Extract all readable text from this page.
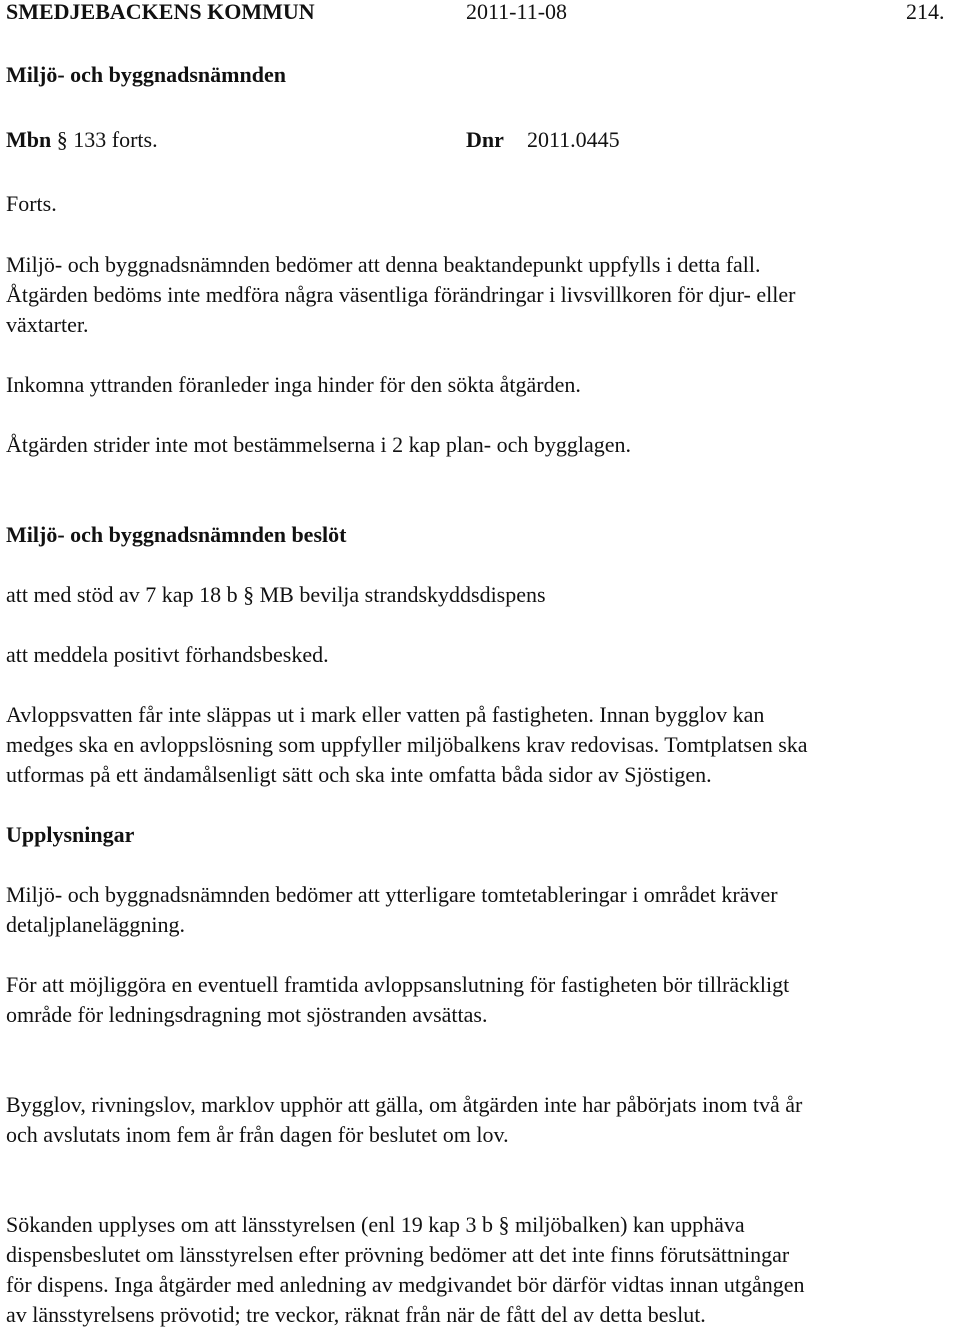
SMEDJEBACKENS KOMMUN	2011-11-08	214.
Miljö- och byggnadsnämnden
Mbn § 133 forts.	Dnr 2011.0445
Forts.
Miljö- och byggnadsnämnden bedömer att denna beaktandepunkt uppfylls i detta fall.
Åtgärden bedöms inte medföra några väsentliga förändringar i livsvillkoren för djur- eller
växtarter.
Inkomna yttranden föranleder inga hinder för den sökta åtgärden.
Åtgärden strider inte mot bestämmelserna i 2 kap plan- och bygglagen.
Miljö- och byggnadsnämnden beslöt
att med stöd av 7 kap 18 b § MB bevilja strandskyddsdispens
att meddela positivt förhandsbesked.
Avloppsvatten får inte släppas ut i mark eller vatten på fastigheten. Innan bygglov kan
medges ska en avloppslösning som uppfyller miljöbalkens krav redovisas. Tomtplatsen ska
utformas på ett ändamålsenligt sätt och ska inte omfatta båda sidor av Sjöstigen.
Upplysningar
Miljö- och byggnadsnämnden bedömer att ytterligare tomtetableringar i området kräver
detaljplaneläggning.
För att möjliggöra en eventuell framtida avloppsanslutning för fastigheten bör tillräckligt
område för ledningsdragning mot sjöstranden avsättas.
Bygglov, rivningslov, marklov upphör att gälla, om åtgärden inte har påbörjats inom två år
och avslutats inom fem år från dagen för beslutet om lov.
Sökanden upplyses om att länsstyrelsen (enl 19 kap 3 b § miljöbalken) kan upphäva
dispensbeslutet om länsstyrelsen efter prövning bedömer att det inte finns förutsättningar
för dispens. Inga åtgärder med anledning av medgivandet bör därför vidtas innan utgången
av länsstyrelsens prövotid; tre veckor, räknat från när de fått del av detta beslut.
